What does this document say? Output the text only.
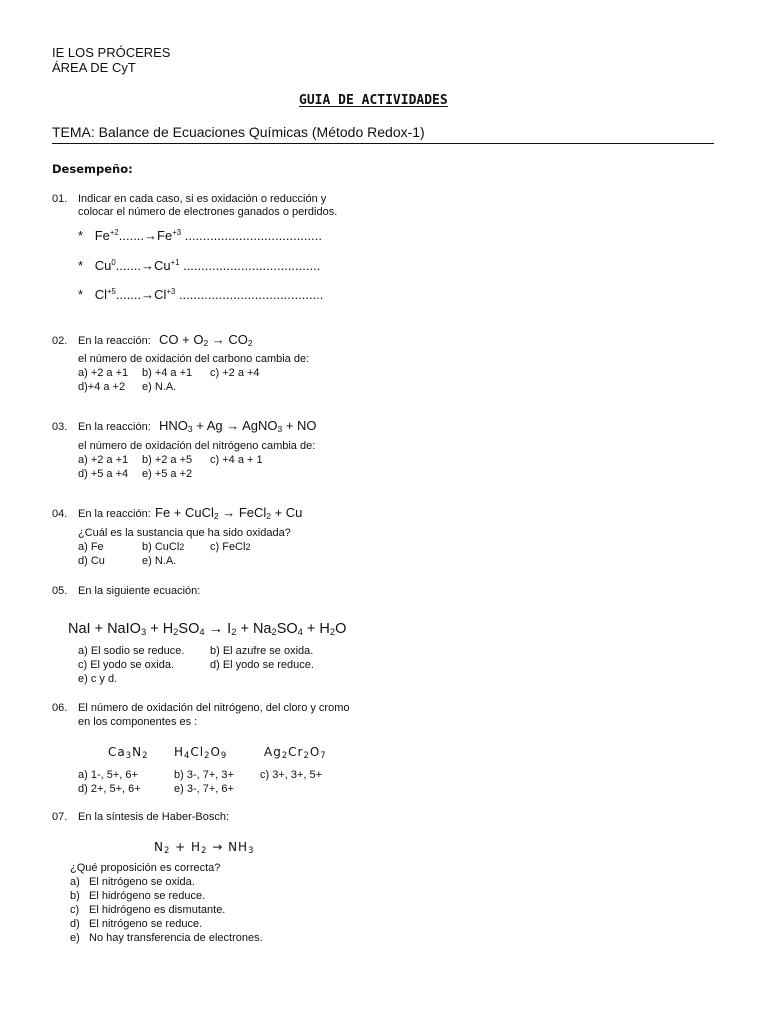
IE LOS PRÓCERES
ÁREA DE CyT
GUIA DE ACTIVIDADES
TEMA: Balance de Ecuaciones Químicas (Método Redox-1)
Desempeño:
01. Indicar en cada caso, si es oxidación o reducción y
colocar el número de electrones ganados o perdidos.
* $Fe^{+2}.......\to Fe^{+3}$ ......................................
* $Cu^0.......\to Cu^{+1}$ ......................................
* $Cl^{+5}.......\to Cl^{+3}$ ........................................
02. En la reacción: CO + $O_2 \to CO_2$
el número de oxidación del carbono cambia de:
a) +2 a +1 b) +4 a +1 c) +2 a +4
d)+4 a +2 e) N.A.
03. En la reacción: $HNO_3 + Ag$ → AgNO$_3$ + NO
el número de oxidación del nitrógeno cambia de:
a) +2 a +1 b) +2 a +5 c) +4 a + 1
d) +5 a +4 e) +5 a +2
04. En la reacción: Fe + CuCl$_2$ → FeCl$_2$ + Cu
¿Cuál es la sustancia que ha sido oxidada?
a) Fe	b) CuCl2 c) FeCl2
d) Cu	e) N.A.
05. En la siguiente ecuación:
NaI + NaIO$_3$ + $H_2SO_4 \to I_2 + Na_2SO_4 + H_2O$
a) El sodio se reduce. b) El azufre se oxida.
c) El yodo se oxida.	d) El yodo se reduce.
e) c y d.
06. El número de oxidación del nitrógeno, del cloro y cromo
en los componentes es :
$Ca_3N_2$ $H_4Cl_2O_9$	$Ag_2Cr_2O_7$
a) 1-, 5+, 6+	b) 3-, 7+, 3+ c) 3+, 3+, 5+
d) 2+, 5+, 6+	e) 3-, 7+, 6+
07. En la síntesis de Haber-Bosch:
$N_2 + H_2 \to NH_3$
¿Qué proposición es correcta?
a) El nitrógeno se oxida.
b) El hidrógeno se reduce.
c) El hidrógeno es dismutante.
d) El nitrógeno se reduce.
e) No hay transferencia de electrones.
